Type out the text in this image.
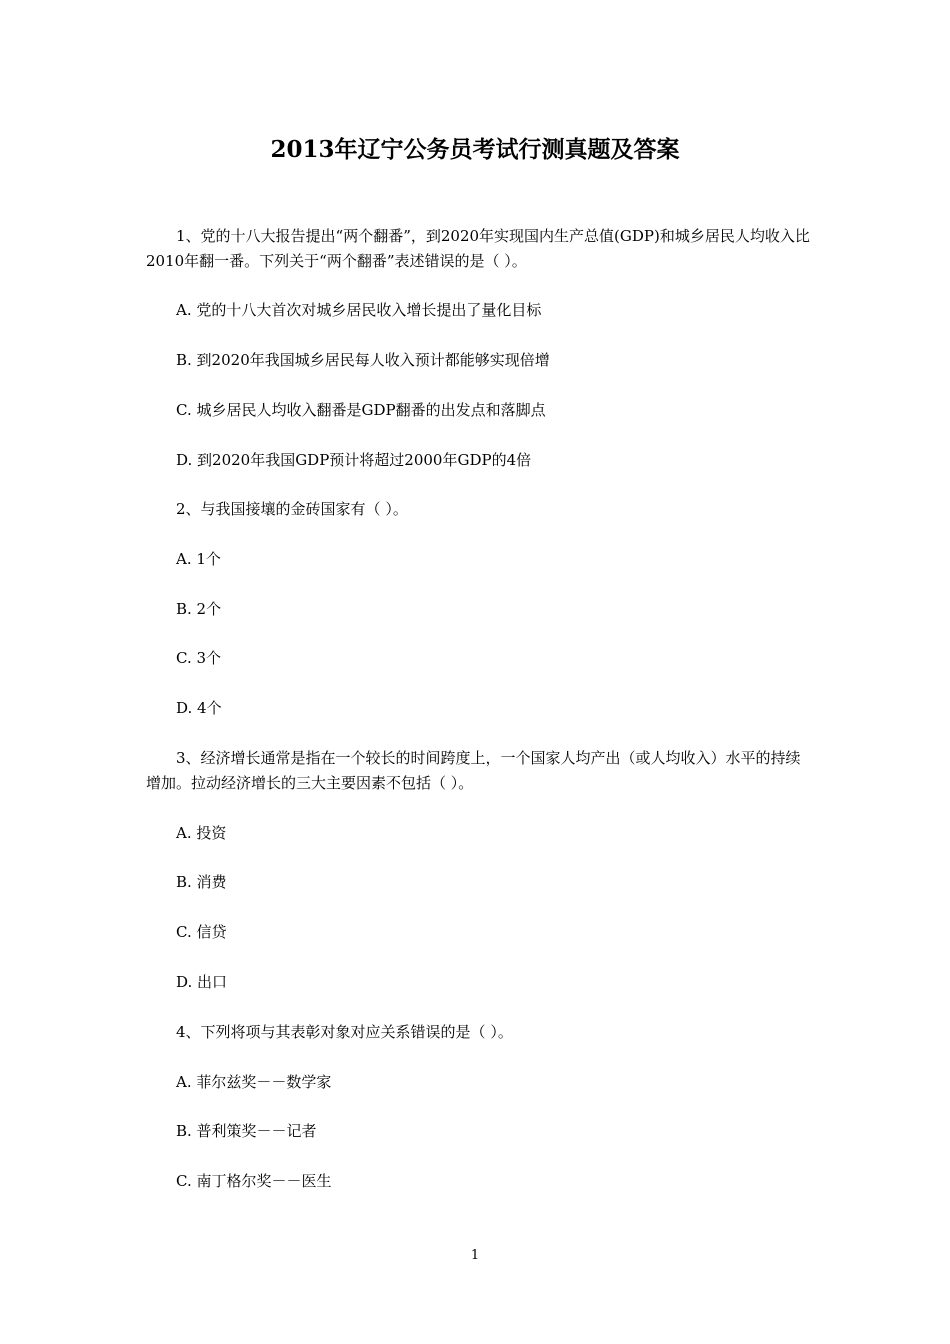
2013年辽宁公务员考试行测真题及答案

1、党的十八大报告提出“两个翻番”，到2020年实现国内生产总值(GDP)和城乡居民人均收入比2010年翻一番。下列关于“两个翻番”表述错误的是（ ）。

A. 党的十八大首次对城乡居民收入增长提出了量化目标

B. 到2020年我国城乡居民每人收入预计都能够实现倍增

C. 城乡居民人均收入翻番是GDP翻番的出发点和落脚点

D. 到2020年我国GDP预计将超过2000年GDP的4倍

2、与我国接壤的金砖国家有（ ）。

A. 1个

B. 2个

C. 3个

D. 4个

3、经济增长通常是指在一个较长的时间跨度上，一个国家人均产出（或人均收入）水平的持续增加。拉动经济增长的三大主要因素不包括（ ）。

A. 投资

B. 消费

C. 信贷

D. 出口

4、下列将项与其表彰对象对应关系错误的是（ ）。

A. 菲尔兹奖－－数学家

B. 普利策奖－－记者

C. 南丁格尔奖－－医生

1
